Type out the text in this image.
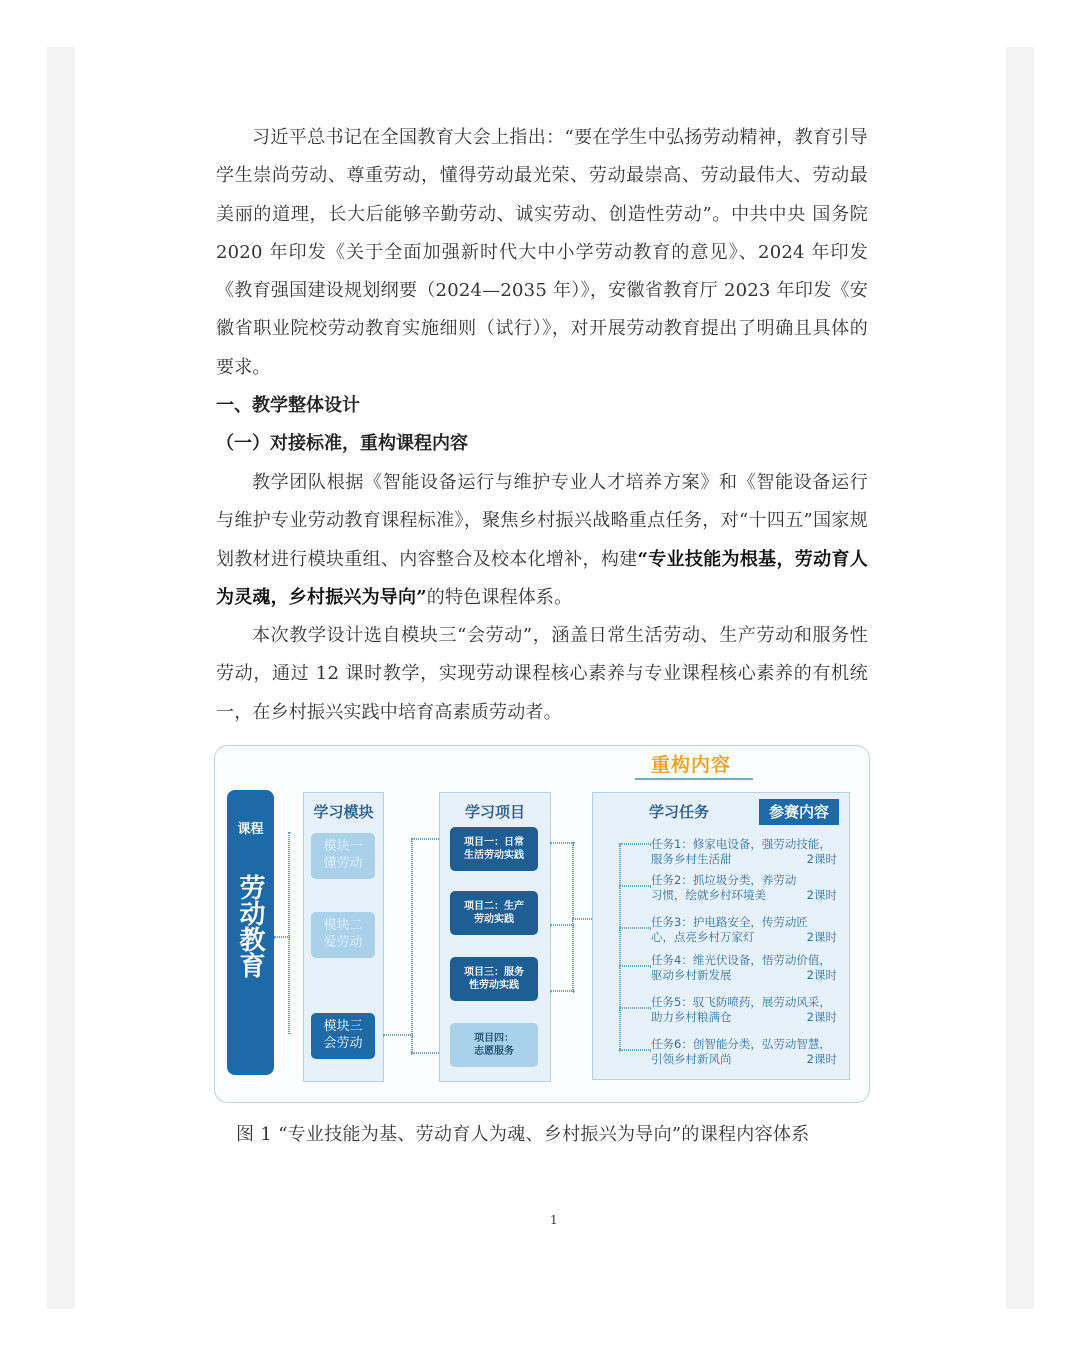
习近平总书记在全国教育大会上指出：“要在学生中弘扬劳动精神，教育引导学生崇尚劳动、尊重劳动，懂得劳动最光荣、劳动最崇高、劳动最伟大、劳动最美丽的道理，长大后能够辛勤劳动、诚实劳动、创造性劳动”。中共中央 国务院 2020 年印发《关于全面加强新时代大中小学劳动教育的意见》、2024 年印发《教育强国建设规划纲要（2024—2035 年）》，安徽省教育厅 2023 年印发《安徽省职业院校劳动教育实施细则（试行）》，对开展劳动教育提出了明确且具体的要求。
一、教学整体设计
（一）对接标准，重构课程内容
教学团队根据《智能设备运行与维护专业人才培养方案》和《智能设备运行与维护专业劳动教育课程标准》，聚焦乡村振兴战略重点任务，对“十四五”国家规划教材进行模块重组、内容整合及校本化增补，构建“专业技能为根基，劳动育人为灵魂，乡村振兴为导向”的特色课程体系。
本次教学设计选自模块三“会劳动”，涵盖日常生活劳动、生产劳动和服务性劳动，通过 12 课时教学，实现劳动课程核心素养与专业课程核心素养的有机统一，在乡村振兴实践中培育高素质劳动者。
重构内容
课程
劳动教育
学习模块
模块一
懂劳动
模块二
爱劳动
模块三
会劳动
学习项目
项目一：日常
生活劳动实践
项目二：生产
劳动实践
项目三：服务
性劳动实践
项目四：
志愿服务
学习任务	参赛内容
任务1：修家电设备，强劳动技能，
服务乡村生活甜	2课时
任务2：抓垃圾分类，养劳动
习惯，绘就乡村环境美	2课时
任务3：护电路安全，传劳动匠
心，点亮乡村万家灯	2课时
任务4：维光伏设备，悟劳动价值，
驱动乡村新发展	2课时
任务5：驭飞防喷药，展劳动风采，
助力乡村粮满仓	2课时
任务6：创智能分类，弘劳动智慧，
引领乡村新风尚	2课时
图 1 “专业技能为基、劳动育人为魂、乡村振兴为导向”的课程内容体系
1
